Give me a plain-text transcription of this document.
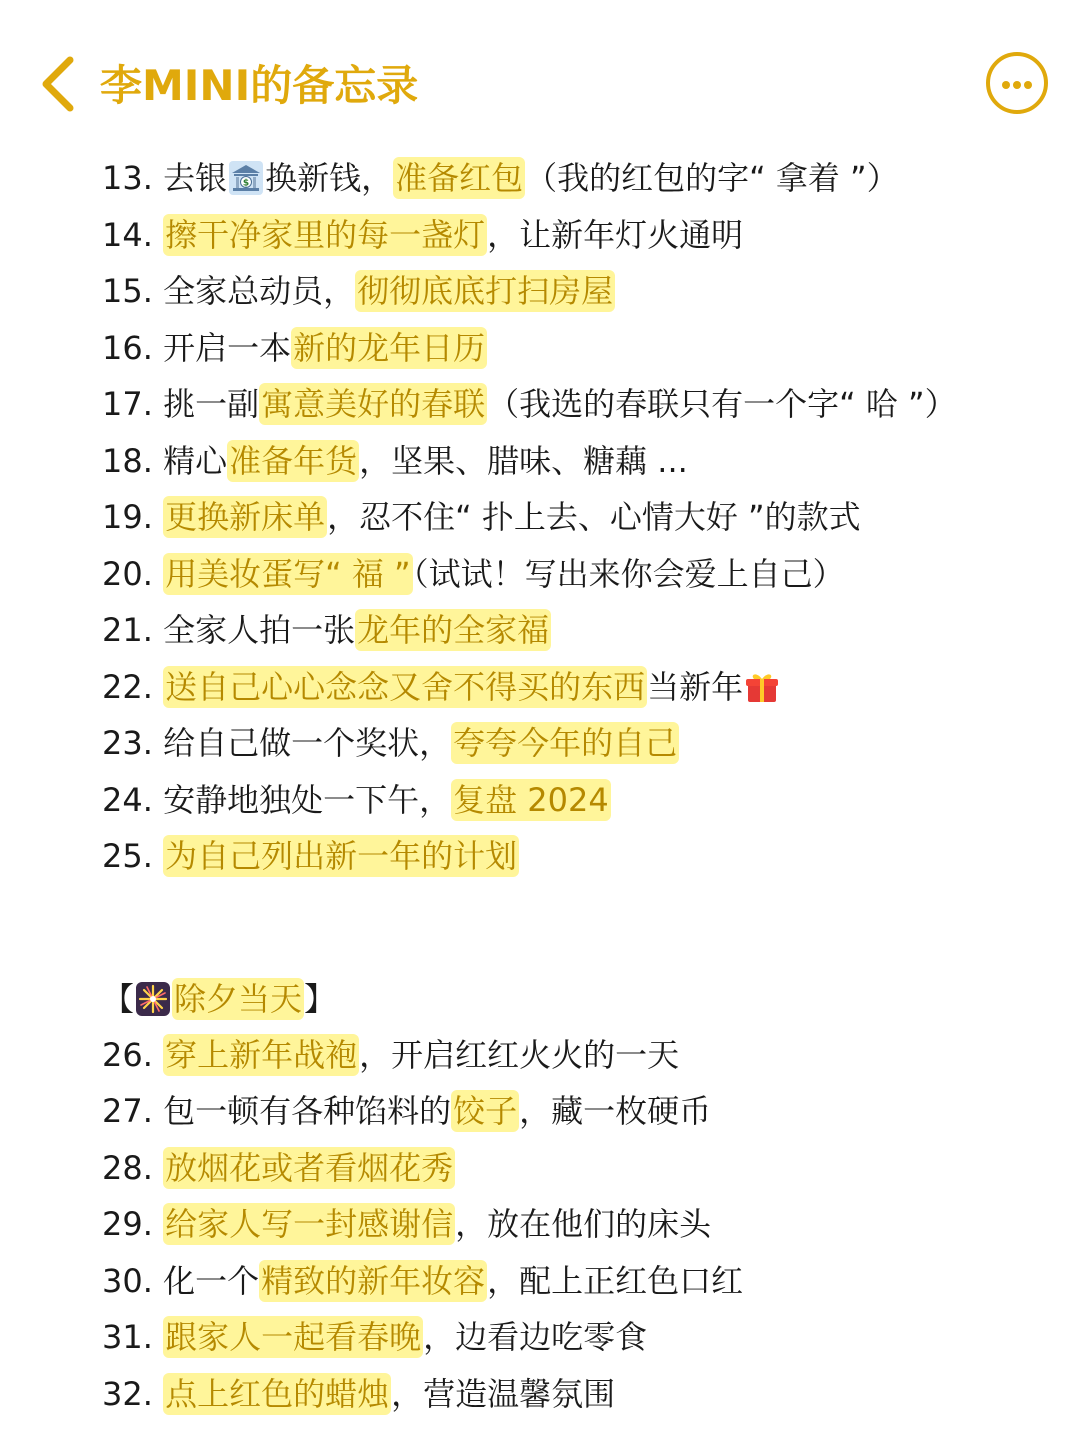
李MINI的备忘录
13. 去银 $ 换新钱，准备红包（我的红包的字“ 拿着 ”）
14. 擦干净家里的每一盏灯，让新年灯火通明
15. 全家总动员，彻彻底底打扫房屋
16. 开启一本新的龙年日历
17. 挑一副寓意美好的春联（我选的春联只有一个字“ 哈 ”）
18. 精心准备年货，坚果、腊味、糖藕 ...
19. 更换新床单，忍不住“ 扑上去、心情大好 ”的款式
20. 用美妆蛋写“ 福 ”（试试！写出来你会爱上自己）
21. 全家人拍一张龙年的全家福
22. 送自己心心念念又舍不得买的东西当新年
23. 给自己做一个奖状，夸夸今年的自己
24. 安静地独处一下午，复盘 2024
25. 为自己列出新一年的计划
【 除夕当天】
26. 穿上新年战袍，开启红红火火的一天
27. 包一顿有各种馅料的饺子，藏一枚硬币
28. 放烟花或者看烟花秀
29. 给家人写一封感谢信，放在他们的床头
30. 化一个精致的新年妆容，配上正红色口红
31. 跟家人一起看春晚，边看边吃零食
32. 点上红色的蜡烛，营造温馨氛围
